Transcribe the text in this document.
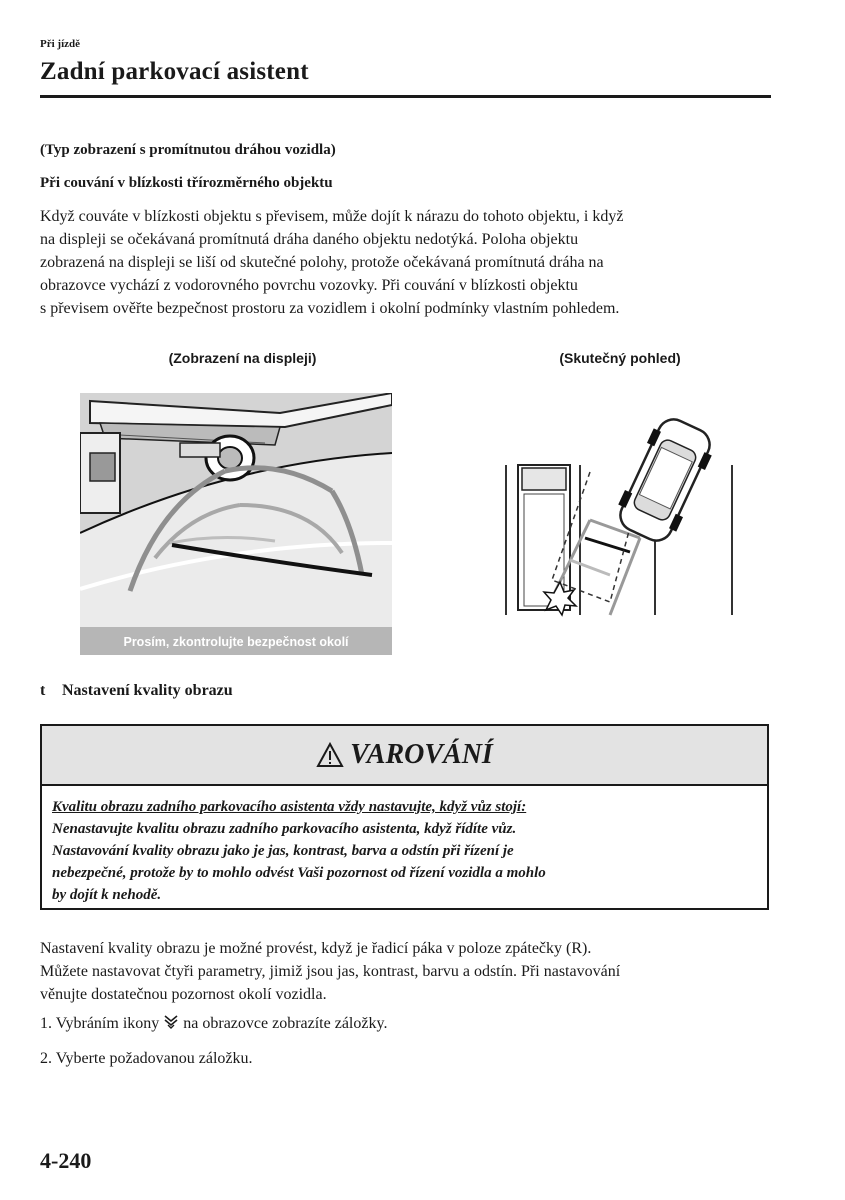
Při jízdě
Zadní parkovací asistent
(Typ zobrazení s promítnutou dráhou vozidla)
Při couvání v blízkosti třírozměrného objektu
Když couváte v blízkosti objektu s převisem, může dojít k nárazu do tohoto objektu, i když
na displeji se očekávaná promítnutá dráha daného objektu nedotýká. Poloha objektu
zobrazená na displeji se liší od skutečné polohy, protože očekávaná promítnutá dráha na
obrazovce vychází z vodorovného povrchu vozovky. Při couvání v blízkosti objektu
s převisem ověřte bezpečnost prostoru za vozidlem i okolní podmínky vlastním pohledem.
(Zobrazení na displeji)	(Skutečný pohled)
Prosím, zkontrolujte bezpečnost okolí
t Nastavení kvality obrazu
VAROVÁNÍ
Kvalitu obrazu zadního parkovacího asistenta vždy nastavujte, když vůz stojí:
Nenastavujte kvalitu obrazu zadního parkovacího asistenta, když řídíte vůz.
Nastavování kvality obrazu jako je jas, kontrast, barva a odstín při řízení je
nebezpečné, protože by to mohlo odvést Vaši pozornost od řízení vozidla a mohlo
by dojít k nehodě.
Nastavení kvality obrazu je možné provést, když je řadicí páka v poloze zpátečky (R).
Můžete nastavovat čtyři parametry, jimiž jsou jas, kontrast, barvu a odstín. Při nastavování
věnujte dostatečnou pozornost okolí vozidla.
1. Vybráním ikony na obrazovce zobrazíte záložky.
2. Vyberte požadovanou záložku.
4-240
